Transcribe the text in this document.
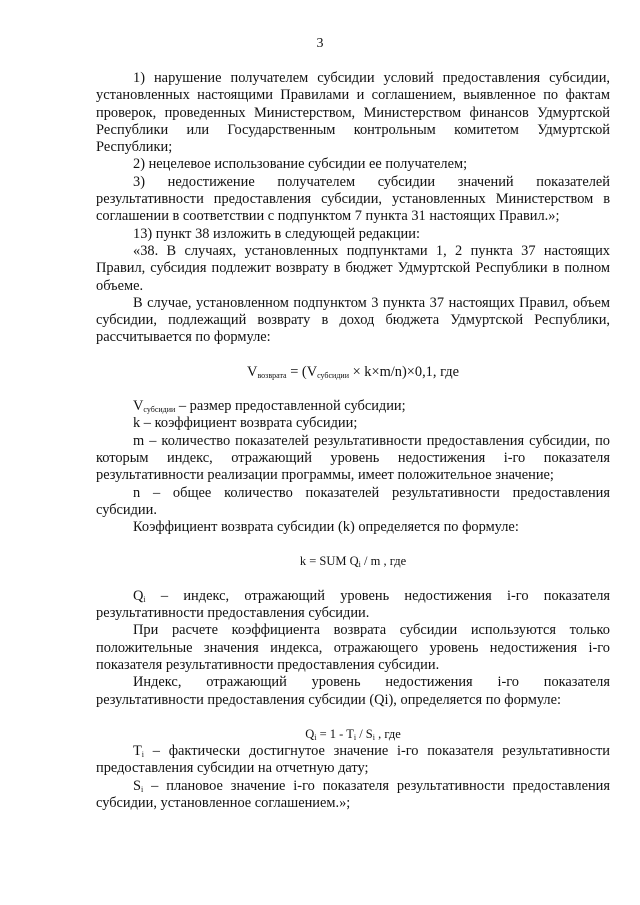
3

1) нарушение получателем субсидии условий предоставления субсидии, установленных настоящими Правилами и соглашением, выявленное по фактам проверок, проведенных Министерством, Министерством финансов Удмуртской Республики или Государственным контрольным комитетом Удмуртской Республики;

2) нецелевое использование субсидии ее получателем;

3) недостижение получателем субсидии значений показателей результативности предоставления субсидии, установленных Министерством в соглашении в соответствии с подпунктом 7 пункта 31 настоящих Правил.»;

13) пункт 38 изложить в следующей редакции:

«38. В случаях, установленных подпунктами 1, 2 пункта 37 настоящих Правил, субсидия подлежит возврату в бюджет Удмуртской Республики в полном объеме.

В случае, установленном подпунктом 3 пункта 37 настоящих Правил, объем субсидии, подлежащий возврату в доход бюджета Удмуртской Республики, рассчитывается по формуле:

$V_{возврата} = (V_{субсидии} \times k\times m/n)\times 0,1$, где

$V_{субсидии}$ – размер предоставленной субсидии;

k – коэффициент возврата субсидии;

m – количество показателей результативности предоставления субсидии, по которым индекс, отражающий уровень недостижения i-го показателя результативности реализации программы, имеет положительное значение;

n – общее количество показателей результативности предоставления субсидии.

Коэффициент возврата субсидии (k) определяется по формуле:

k = SUM $Q_i$ / m , где

$Q_i$ – индекс, отражающий уровень недостижения i-го показателя результативности предоставления субсидии.

При расчете коэффициента возврата субсидии используются только положительные значения индекса, отражающего уровень недостижения i-го показателя результативности предоставления субсидии.

Индекс, отражающий уровень недостижения i-го показателя результативности предоставления субсидии (Qi), определяется по формуле:

$Q_i = 1 - T_i / S_i$ , где

$T_i$ – фактически достигнутое значение i-го показателя результативности предоставления субсидии на отчетную дату;

$S_i$ – плановое значение i-го показателя результативности предоставления субсидии, установленное соглашением.»;
